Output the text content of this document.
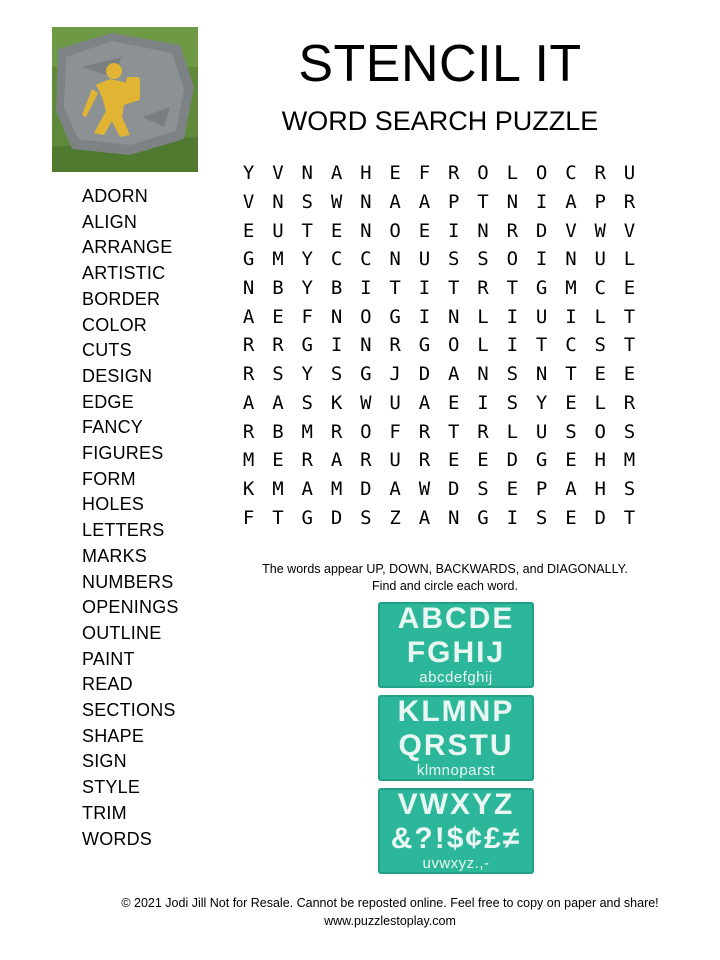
STENCIL IT
WORD SEARCH PUZZLE
ADORN
ALIGN
ARRANGE
ARTISTIC
BORDER
COLOR
CUTS
DESIGN
EDGE
FANCY
FIGURES
FORM
HOLES
LETTERS
MARKS
NUMBERS
OPENINGS
OUTLINE
PAINT
READ
SECTIONS
SHAPE
SIGN
STYLE
TRIM
WORDS
Y V N A H E F R O L O C R U
V N S W N A A P T N I A P R
E U T E N O E I N R D V W V
G M Y C C N U S S O I N U L
N B Y B I T I T R T G M C E
A E F N O G I N L I U I L T
R R G I N R G O L I T C S T
R S Y S G J D A N S N T E E
A A S K W U A E I S Y E L R
R B M R O F R T R L U S O S
M E R A R U R E E D G E H M
K M A M D A W D S E P A H S
F T G D S Z A N G I S E D T
The words appear UP, DOWN, BACKWARDS, and DIAGONALLY.
Find and circle each word.
ABCDE
FGHIJ
abcdefghij
KLMNP
QRSTU
klmnoparst
VWXYZ
&?!$¢£≠
uvwxyz.,-
© 2021 Jodi Jill Not for Resale. Cannot be reposted online. Feel free to copy on paper and share!
www.puzzlestoplay.com
